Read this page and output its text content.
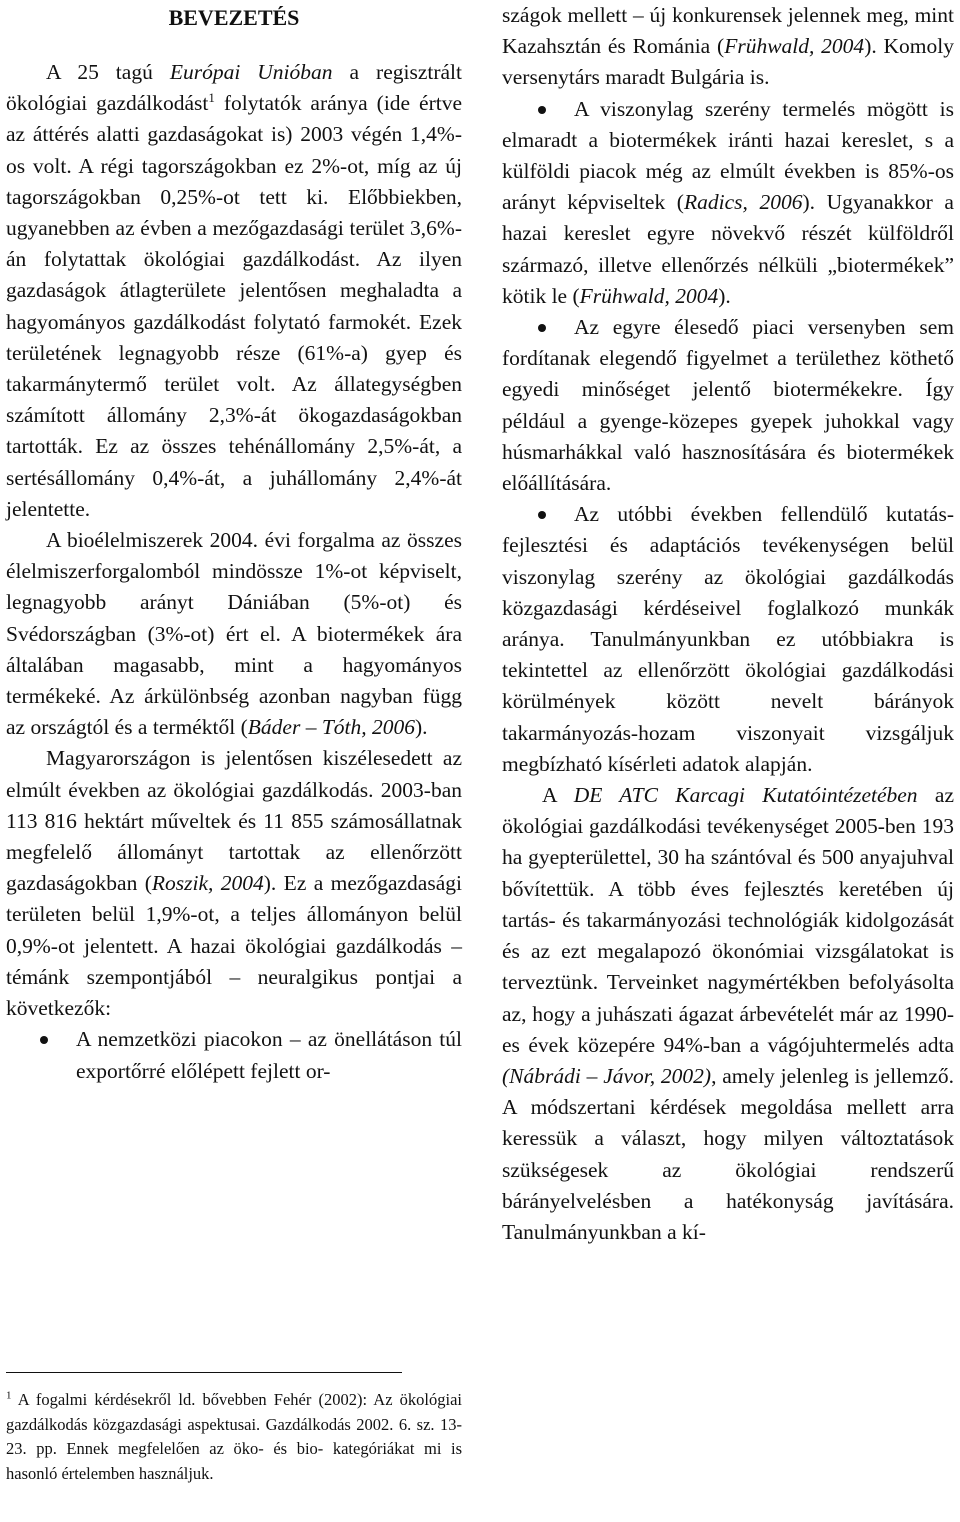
BEVEZETÉS

A 25 tagú Európai Unióban a regisztrált ökológiai gazdálkodást$^1$ folytatók aránya (ide értve az áttérés alatti gazdaságokat is) 2003 végén 1,4%-os volt. A régi tagországokban ez 2%-ot, míg az új tagországokban 0,25%-ot tett ki. Előbbiekben, ugyanebben az évben a mezőgazdasági terület 3,6%-án folytattak ökológiai gazdálkodást. Az ilyen gazdaságok átlagterülete jelentősen meghaladta a hagyományos gazdálkodást folytató farmokét. Ezek területének legnagyobb része (61%-a) gyep és takarmánytermő terület volt. Az állategységben számított állomány 2,3%-át ökogazdaságokban tartották. Ez az összes tehénállomány 2,5%-át, a sertésállomány 0,4%-át, a juhállomány 2,4%-át jelentette.

A bioélelmiszerek 2004. évi forgalma az összes élelmiszerforgalomból mindössze 1%-ot képviselt, legnagyobb arányt Dániában (5%-ot) és Svédországban (3%-ot) ért el. A biotermékek ára általában magasabb, mint a hagyományos termékeké. Az árkülönbség azonban nagyban függ az országtól és a terméktől (Báder – Tóth, 2006).

Magyarországon is jelentősen kiszélesedett az elmúlt években az ökológiai gazdálkodás. 2003-ban 113 816 hektárt műveltek és 11 855 számosállatnak megfelelő állományt tartottak az ellenőrzött gazdaságokban (Roszik, 2004). Ez a mezőgazdasági területen belül 1,9%-ot, a teljes állományon belül 0,9%-ot jelentett. A hazai ökológiai gazdálkodás – témánk szempontjából – neuralgikus pontjai a következők:

A nemzetközi piacokon – az önellátáson túl exportőrré előlépett fejlett or-
$^1$ A fogalmi kérdésekről ld. bővebben Fehér (2002): Az ökológiai gazdálkodás közgazdasági aspektusai. Gazdálkodás 2002. 6. sz. 13-23. pp. Ennek megfelelően az öko- és bio- kategóriákat mi is hasonló értelemben használjuk.

szágok mellett – új konkurensek jelennek meg, mint Kazahsztán és Románia (Frühwald, 2004). Komoly versenytárs maradt Bulgária is.

A viszonylag szerény termelés mögött is elmaradt a biotermékek iránti hazai kereslet, s a külföldi piacok még az elmúlt években is 85%-os arányt képviseltek (Radics, 2006). Ugyanakkor a hazai kereslet egyre növekvő részét külföldről származó, illetve ellenőrzés nélküli „biotermékek” kötik le (Frühwald, 2004).
Az egyre élesedő piaci versenyben sem fordítanak elegendő figyelmet a területhez köthető egyedi minőséget jelentő biotermékekre. Így például a gyenge-közepes gyepek juhokkal vagy húsmarhákkal való hasznosítására és biotermékek előállítására.
Az utóbbi években fellendülő kutatás-fejlesztési és adaptációs tevékenységen belül viszonylag szerény az ökológiai gazdálkodás közgazdasági kérdéseivel foglalkozó munkák aránya. Tanulmányunkban ez utóbbiakra is tekintettel az ellenőrzött ökológiai gazdálkodási körülmények között nevelt bárányok takarmányozás-hozam viszonyait vizsgáljuk megbízható kísérleti adatok alapján.

A DE ATC Karcagi Kutatóintézetében az ökológiai gazdálkodási tevékenységet 2005-ben 193 ha gyepterülettel, 30 ha szántóval és 500 anyajuhval bővítettük. A több éves fejlesztés keretében új tartás- és takarmányozási technológiák kidolgozását és az ezt megalapozó ökonómiai vizsgálatokat is terveztünk. Terveinket nagymértékben befolyásolta az, hogy a juhászati ágazat árbevételét már az 1990-es évek közepére 94%-ban a vágójuhtermelés adta (Nábrádi – Jávor, 2002), amely jelenleg is jellemző. A módszertani kérdések megoldása mellett arra keressük a választ, hogy milyen változtatások szükségesek az ökológiai rendszerű bárányelvelésben a hatékonyság javítására. Tanulmányunkban a kí-
